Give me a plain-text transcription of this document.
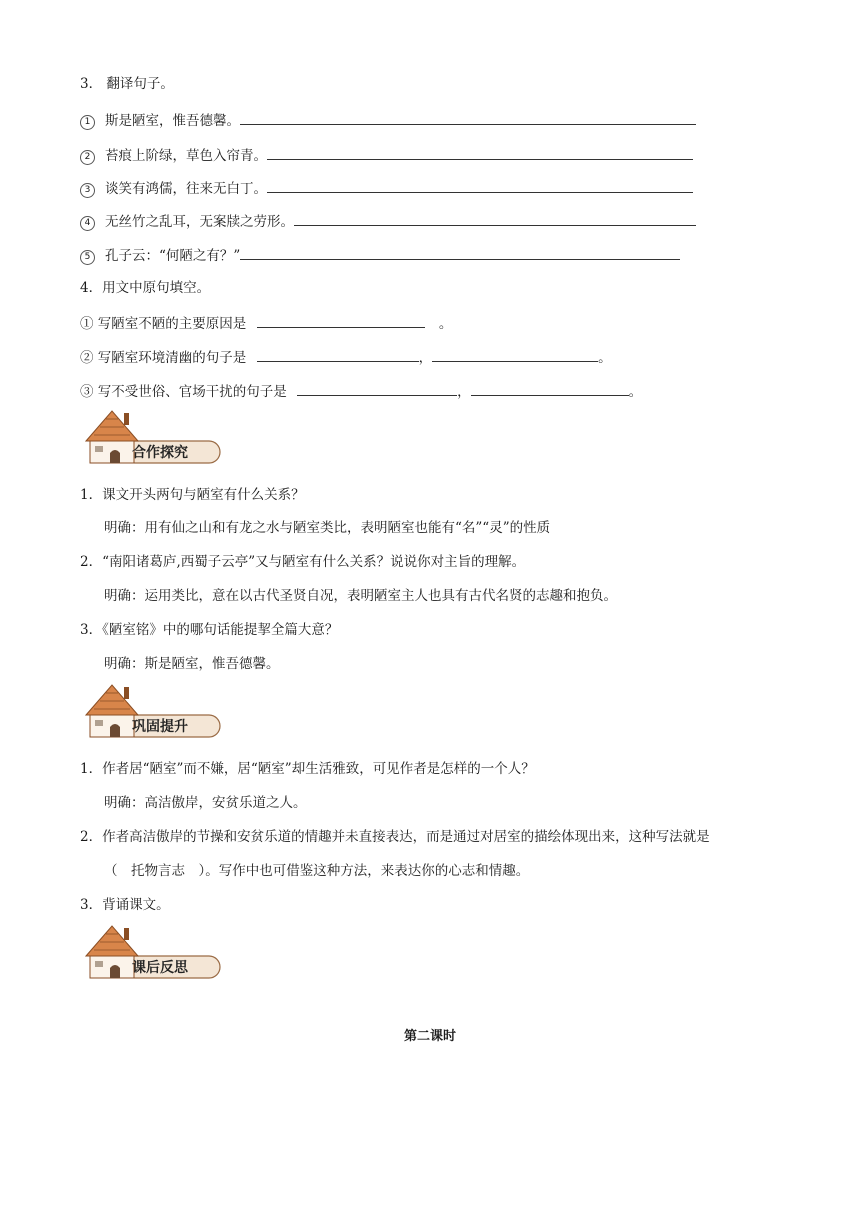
3． 翻译句子。
1 斯是陋室，惟吾德馨。
2 苔痕上阶绿，草色入帘青。
3 谈笑有鸿儒，往来无白丁。
4 无丝竹之乱耳，无案牍之劳形。
5 孔子云：“何陋之有？”
4．用文中原句填空。
① 写陋室不陋的主要原因是	。
② 写陋室环境清幽的句子是	，	。
③ 写不受世俗、官场干扰的句子是	，	。
合作探究
1．课文开头两句与陋室有什么关系？
明确：用有仙之山和有龙之水与陋室类比，表明陋室也能有“名”“灵”的性质
2．“南阳诸葛庐,西蜀子云亭”又与陋室有什么关系？说说你对主旨的理解。
明确：运用类比，意在以古代圣贤自况，表明陋室主人也具有古代名贤的志趣和抱负。
3．《陋室铭》中的哪句话能提挈全篇大意？
明确：斯是陋室，惟吾德馨。
巩固提升
1．作者居“陋室”而不嫌，居“陋室”却生活雅致，可见作者是怎样的一个人？
明确：高洁傲岸，安贫乐道之人。
2．作者高洁傲岸的节操和安贫乐道的情趣并未直接表达，而是通过对居室的描绘体现出来，这种写法就是
（　托物言志　）。写作中也可借鉴这种方法，来表达你的心志和情趣。
3．背诵课文。
课后反思
第二课时
